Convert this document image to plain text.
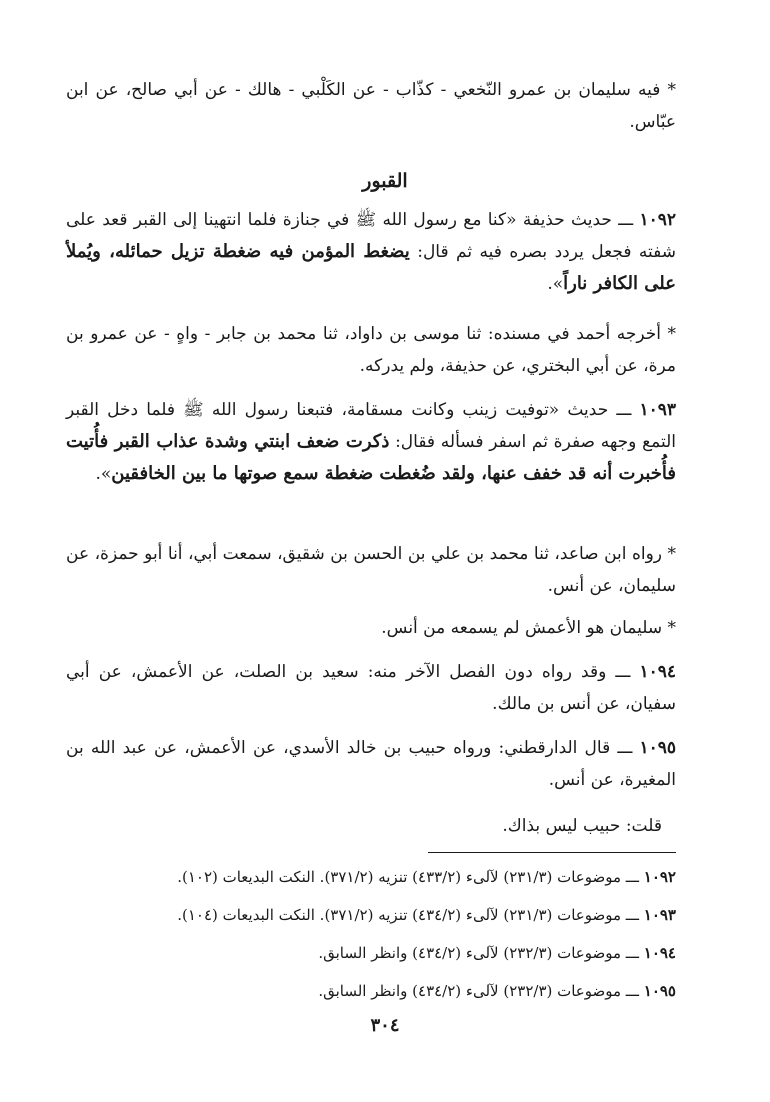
* فيه سليمان بن عمرو النّخعي - كذّاب - عن الكَلْبي - هالك - عن أبي صالح، عن ابن عبّاس.
القبور
١٠٩٢ ـــ حديث حذيفة «كنا مع رسول الله ﷺ في جنازة فلما انتهينا إلى القبر قعد على شفته فجعل يردد بصره فيه ثم قال: يضغط المؤمن فيه ضغطة تزيل حمائله، ويُملأ على الكافر ناراً».
* أخرجه أحمد في مسنده: ثنا موسى بن داواد، ثنا محمد بن جابر - واهٍ - عن عمرو بن مرة، عن أبي البختري، عن حذيفة، ولم يدركه.
١٠٩٣ ـــ حديث «توفيت زينب وكانت مسقامة، فتبعنا رسول الله ﷺ فلما دخل القبر التمع وجهه صفرة ثم اسفر فسأله فقال: ذكرت ضعف ابنتي وشدة عذاب القبر فأُتيت فأُخبرت أنه قد خفف عنها، ولقد ضُغطت ضغطة سمع صوتها ما بين الخافقين».
* رواه ابن صاعد، ثنا محمد بن علي بن الحسن بن شقيق، سمعت أبي، أنا أبو حمزة، عن سليمان، عن أنس.
* سليمان هو الأعمش لم يسمعه من أنس.
١٠٩٤ ـــ وقد رواه دون الفصل الآخر منه: سعيد بن الصلت، عن الأعمش، عن أبي سفيان، عن أنس بن مالك.
١٠٩٥ ـــ قال الدارقطني: ورواه حبيب بن خالد الأسدي، عن الأعمش، عن عبد الله بن المغيرة، عن أنس.
قلت: حبيب ليس بذاك.
١٠٩٢ ـــ موضوعات (٢٣١/٣) لآلىء (٤٣٣/٢) تنزيه (٣٧١/٢). النكت البديعات (١٠٢).
١٠٩٣ ـــ موضوعات (٢٣١/٣) لآلىء (٤٣٤/٢) تنزيه (٣٧١/٢). النكت البديعات (١٠٤).
١٠٩٤ ـــ موضوعات (٢٣٢/٣) لآلىء (٤٣٤/٢) وانظر السابق.
١٠٩٥ ـــ موضوعات (٢٣٢/٣) لآلىء (٤٣٤/٢) وانظر السابق.
٣٠٤
